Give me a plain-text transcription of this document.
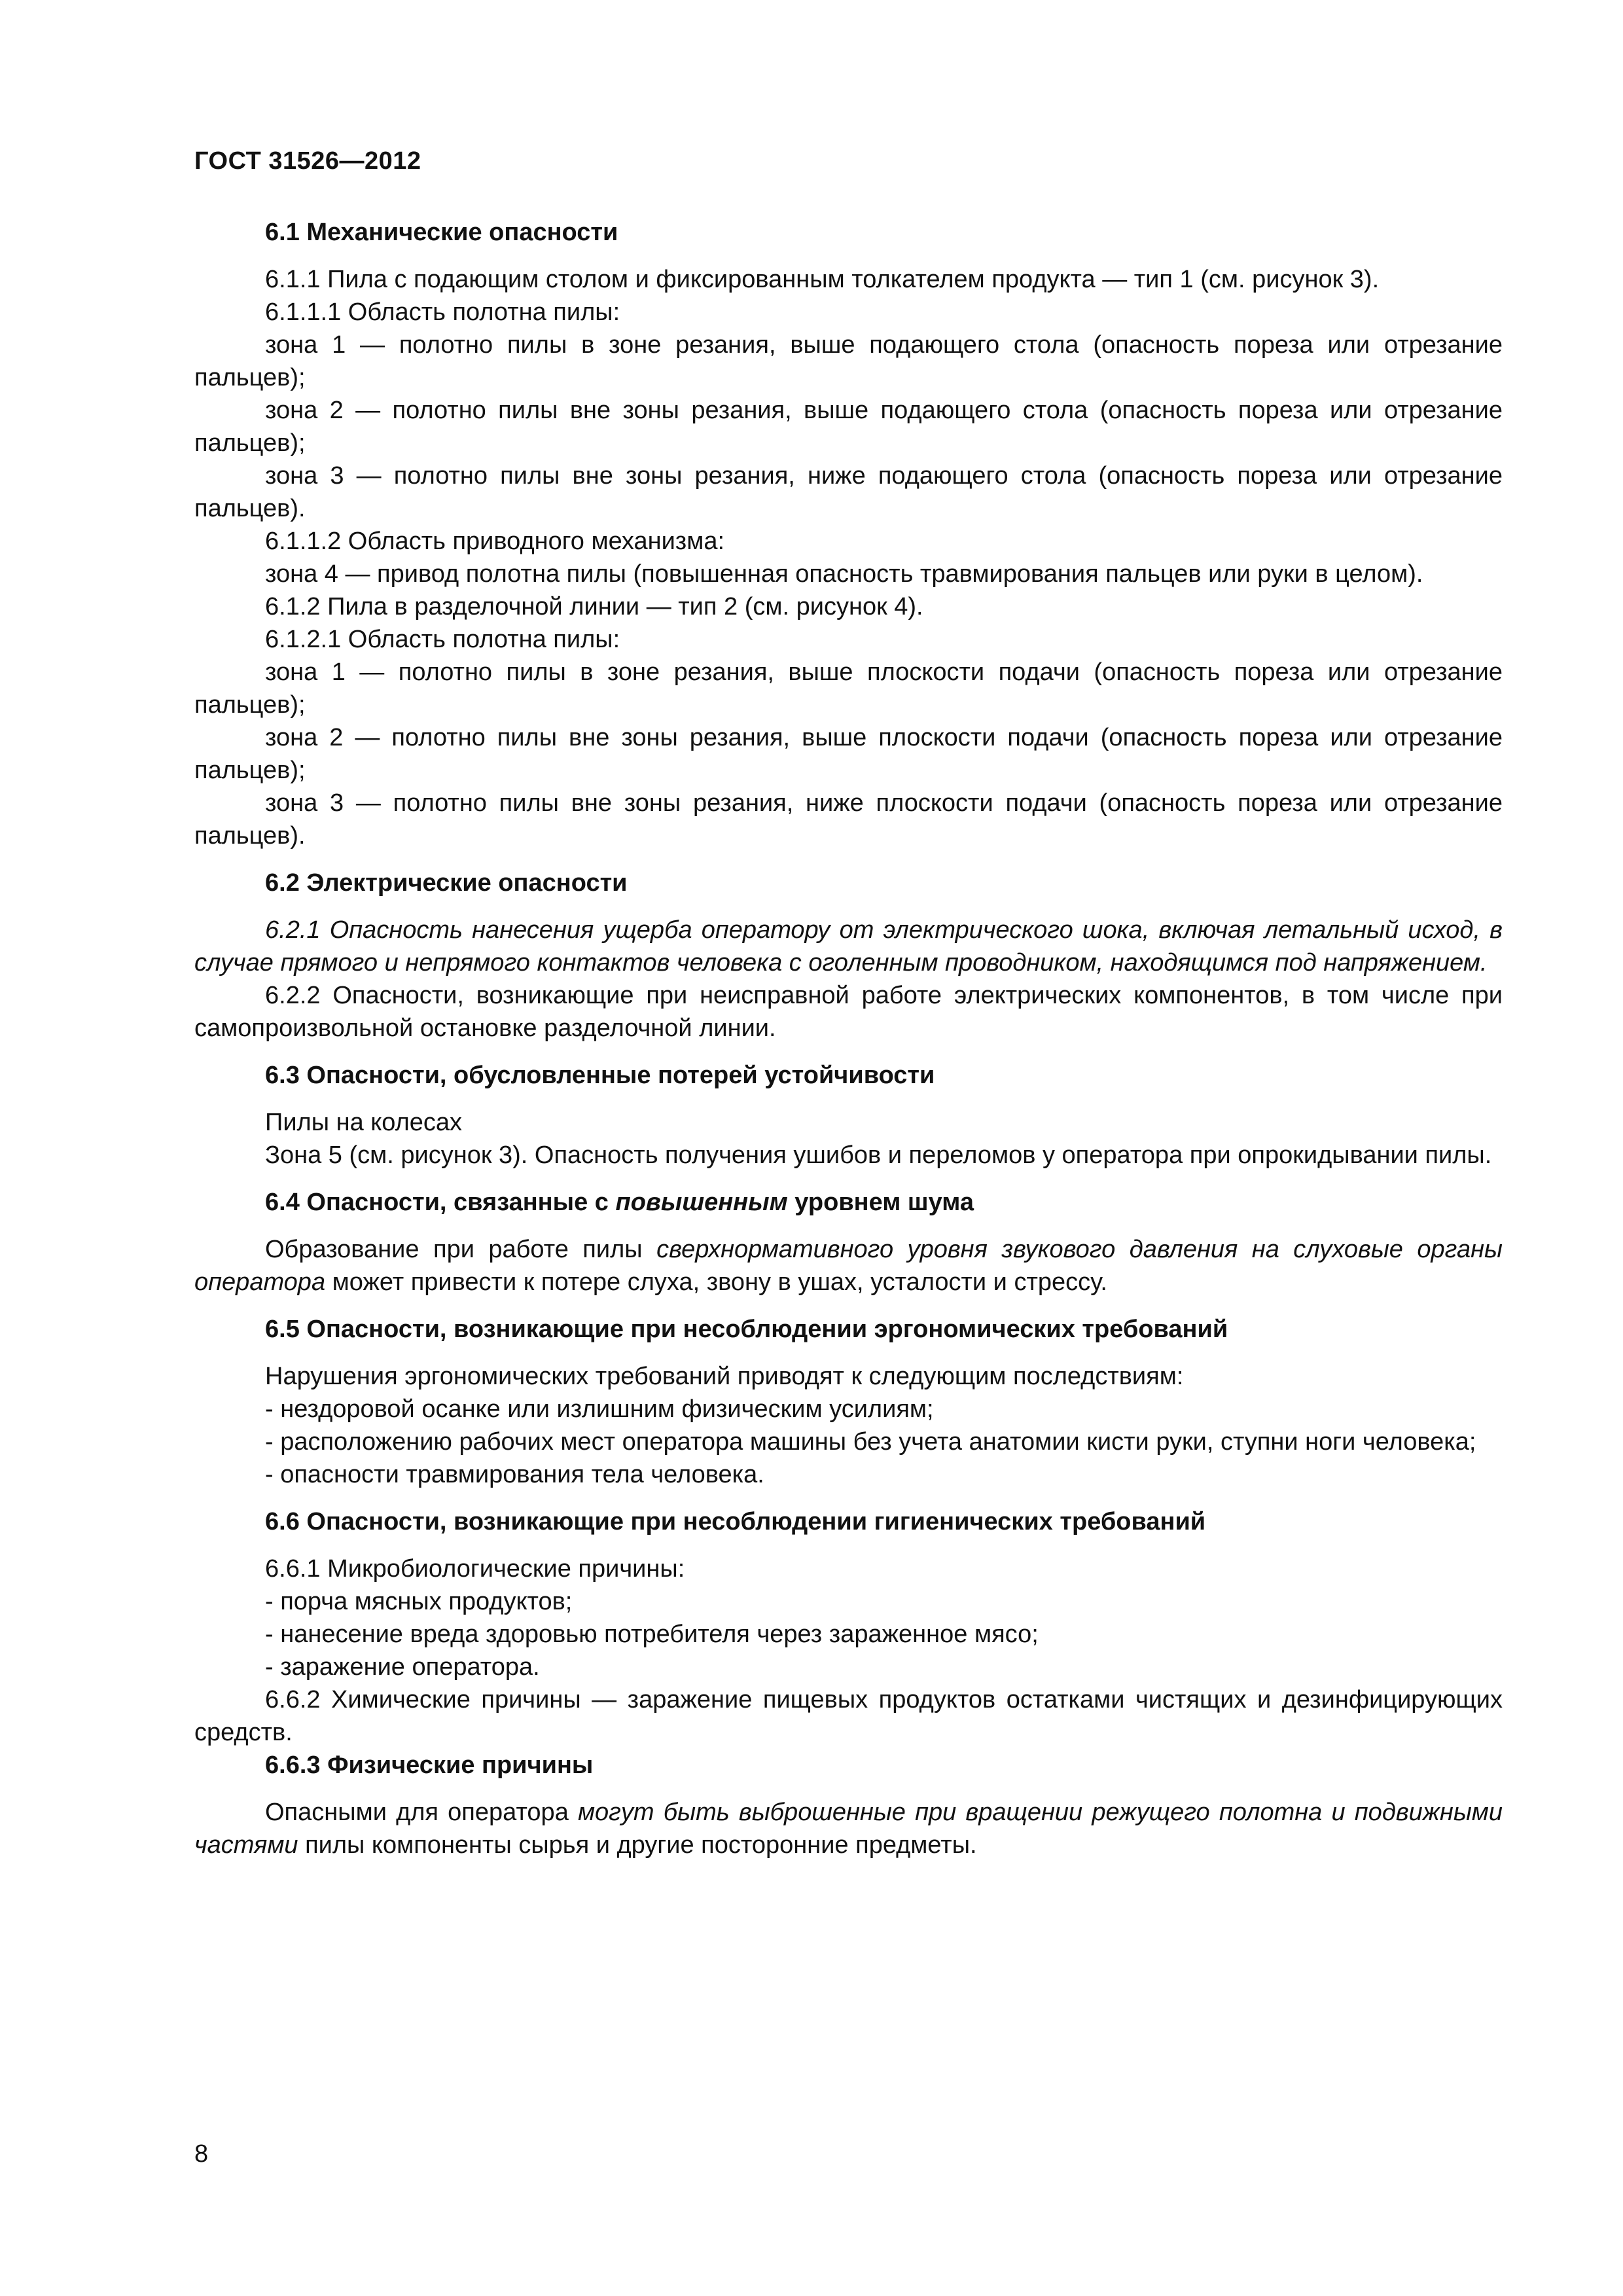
ГОСТ 31526—2012
6.1 Механические опасности

6.1.1 Пила с подающим столом и фиксированным толкателем продукта — тип 1 (см. рисунок 3).

6.1.1.1 Область полотна пилы:

зона 1 — полотно пилы в зоне резания, выше подающего стола (опасность пореза или отрезание пальцев);

зона 2 — полотно пилы вне зоны резания, выше подающего стола (опасность пореза или отрезание пальцев);

зона 3 — полотно пилы вне зоны резания, ниже подающего стола (опасность пореза или отрезание пальцев).

6.1.1.2 Область приводного механизма:

зона 4 — привод полотна пилы (повышенная опасность травмирования пальцев или руки в целом).

6.1.2 Пила в разделочной линии — тип 2 (см. рисунок 4).

6.1.2.1 Область полотна пилы:

зона 1 — полотно пилы в зоне резания, выше плоскости подачи (опасность пореза или отрезание пальцев);

зона 2 — полотно пилы вне зоны резания, выше плоскости подачи (опасность пореза или отрезание пальцев);

зона 3 — полотно пилы вне зоны резания, ниже плоскости подачи (опасность пореза или отрезание пальцев).

6.2 Электрические опасности

6.2.1 Опасность нанесения ущерба оператору от электрического шока, включая летальный исход, в случае прямого и непрямого контактов человека с оголенным проводником, находящимся под напряжением.

6.2.2 Опасности, возникающие при неисправной работе электрических компонентов, в том числе при самопроизвольной остановке разделочной линии.

6.3 Опасности, обусловленные потерей устойчивости

Пилы на колесах

Зона 5 (см. рисунок 3). Опасность получения ушибов и переломов у оператора при опрокидывании пилы.

6.4 Опасности, связанные с повышенным уровнем шума

Образование при работе пилы сверхнормативного уровня звукового давления на слуховые органы оператора может привести к потере слуха, звону в ушах, усталости и стрессу.

6.5 Опасности, возникающие при несоблюдении эргономических требований

Нарушения эргономических требований приводят к следующим последствиям:

- нездоровой осанке или излишним физическим усилиям;

- расположению рабочих мест оператора машины без учета анатомии кисти руки, ступни ноги человека;

- опасности травмирования тела человека.

6.6 Опасности, возникающие при несоблюдении гигиенических требований

6.6.1 Микробиологические причины:

- порча мясных продуктов;

- нанесение вреда здоровью потребителя через зараженное мясо;

- заражение оператора.

6.6.2 Химические причины — заражение пищевых продуктов остатками чистящих и дезинфицирующих средств.

6.6.3 Физические причины

Опасными для оператора могут быть выброшенные при вращении режущего полотна и подвижными частями пилы компоненты сырья и другие посторонние предметы.

8
